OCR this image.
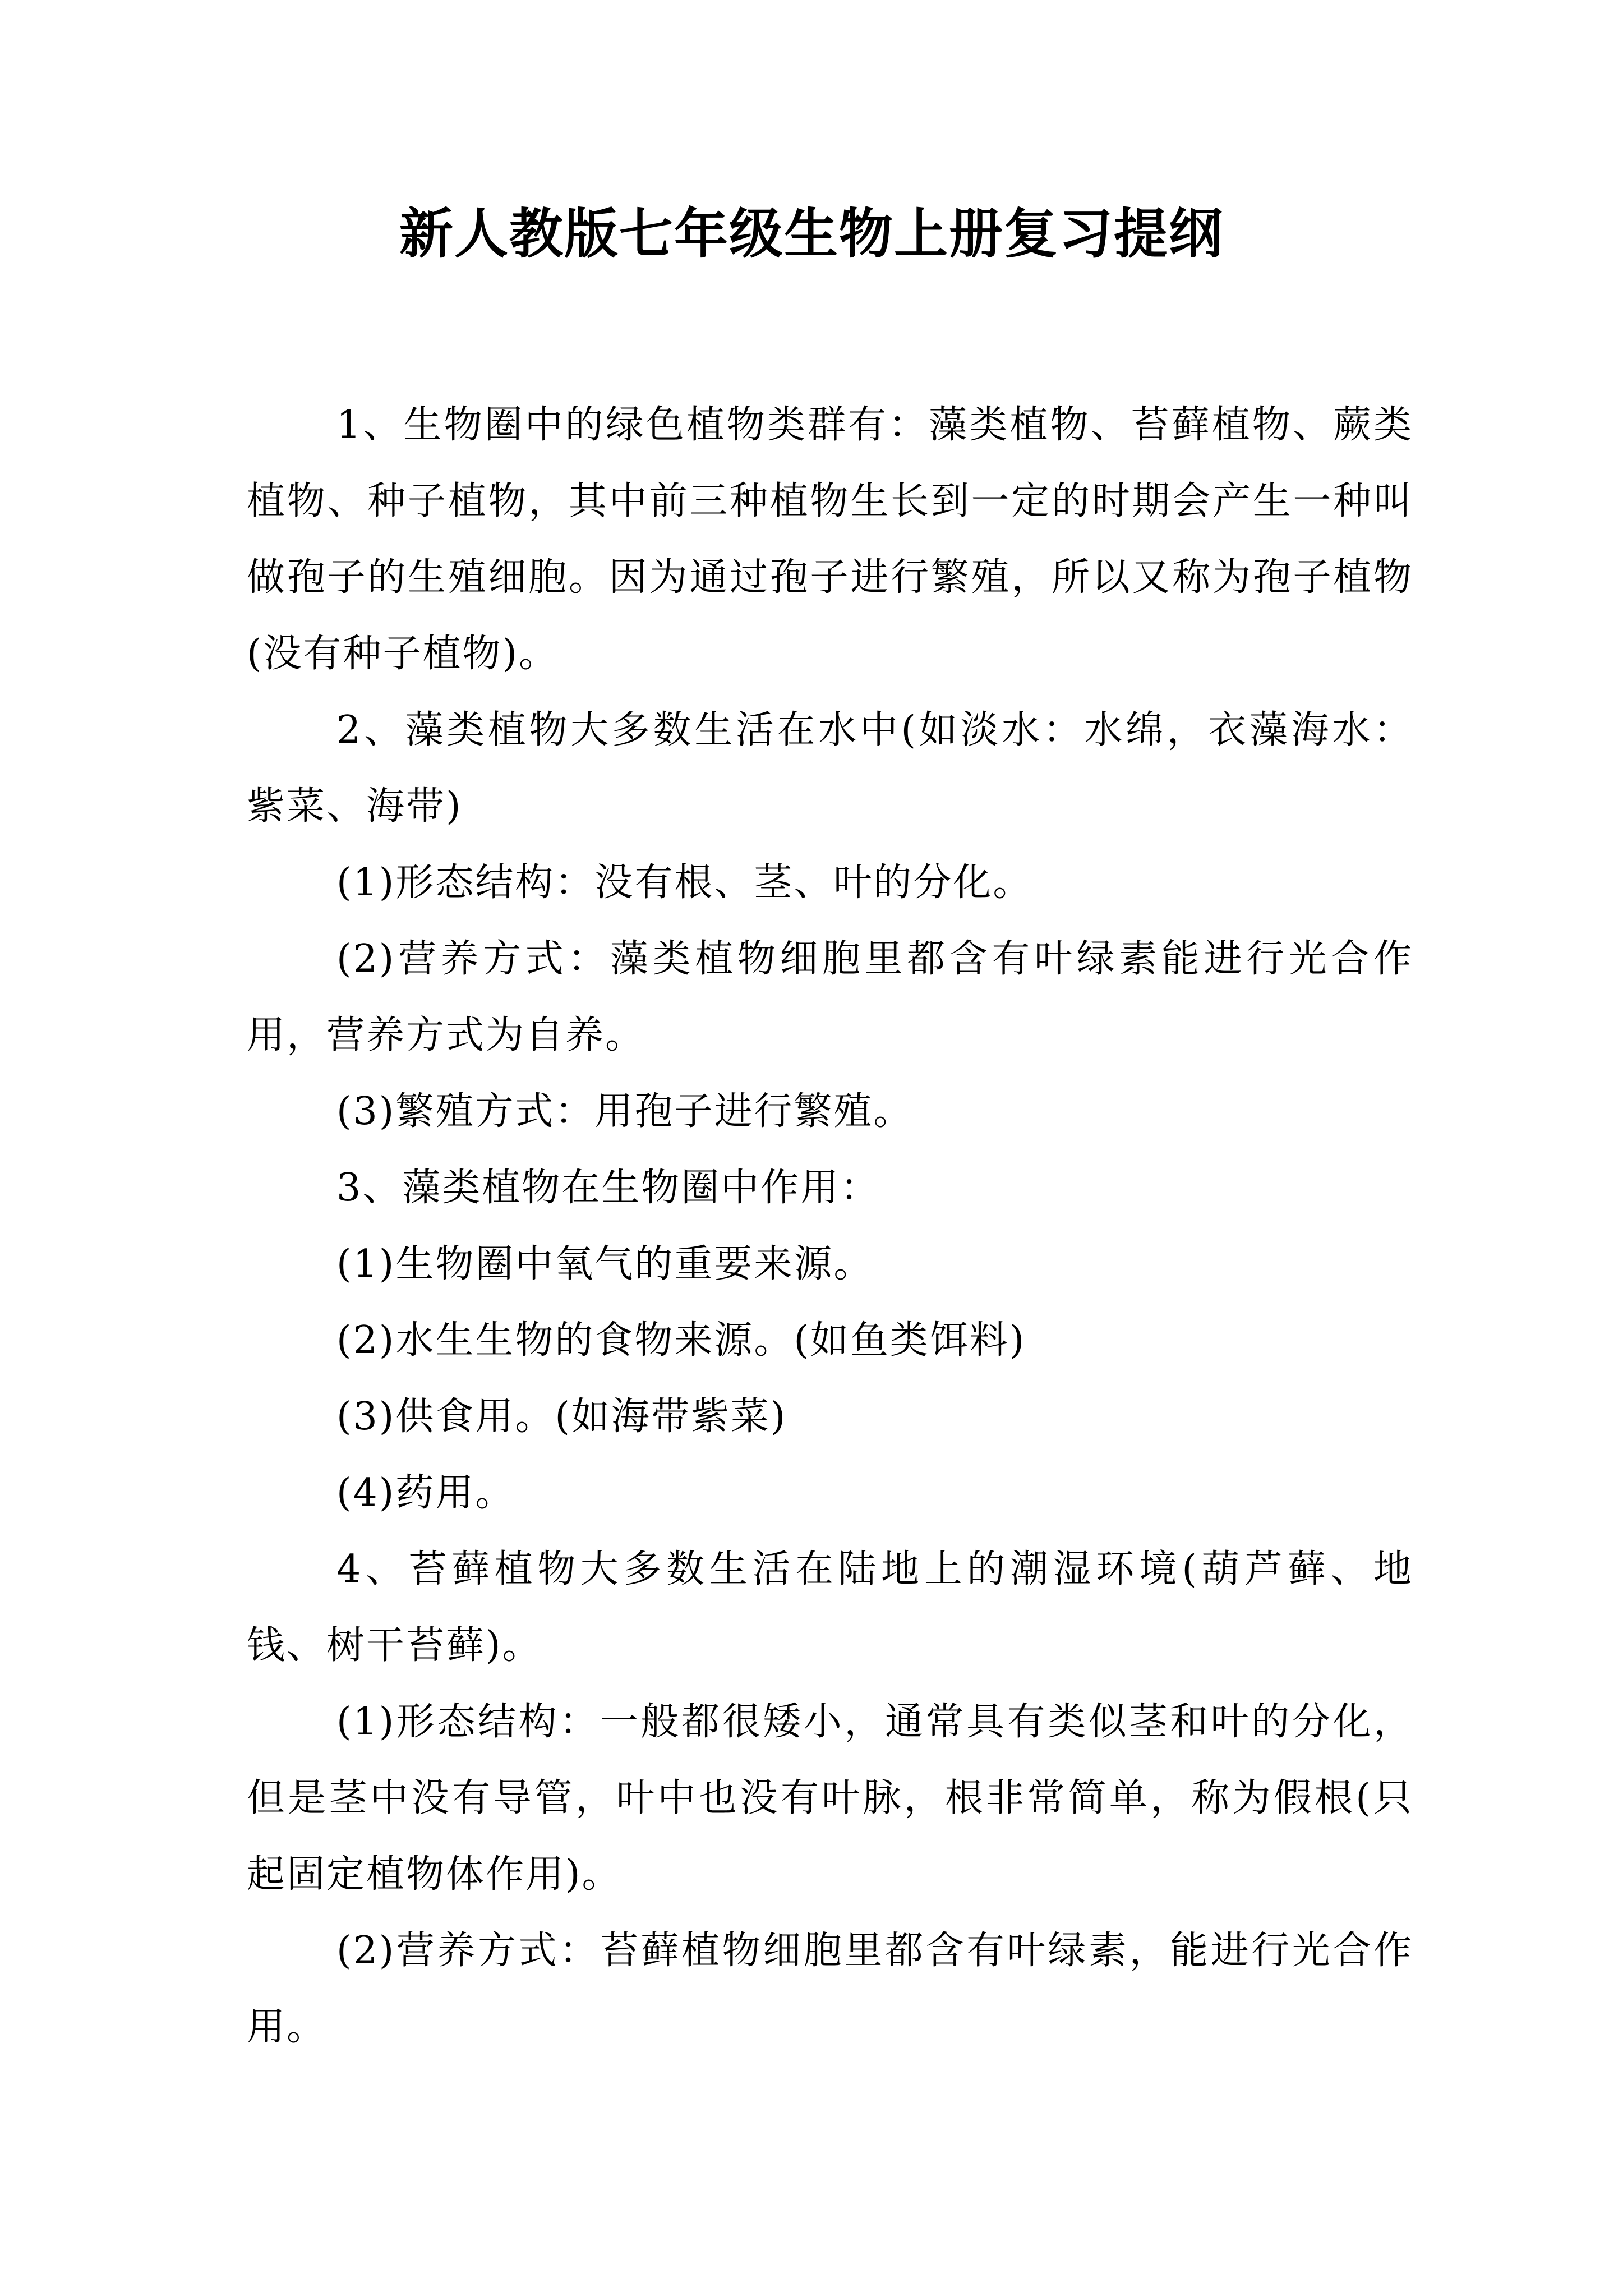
新人教版七年级生物上册复习提纲

1、生物圈中的绿色植物类群有：藻类植物、苔藓植物、蕨类植物、种子植物，其中前三种植物生长到一定的时期会产生一种叫做孢子的生殖细胞。因为通过孢子进行繁殖，所以又称为孢子植物(没有种子植物)。

2、藻类植物大多数生活在水中(如淡水：水绵，衣藻海水：紫菜、海带)

(1)形态结构：没有根、茎、叶的分化。

(2)营养方式：藻类植物细胞里都含有叶绿素能进行光合作用，营养方式为自养。

(3)繁殖方式：用孢子进行繁殖。

3、藻类植物在生物圈中作用：

(1)生物圈中氧气的重要来源。

(2)水生生物的食物来源。(如鱼类饵料)

(3)供食用。(如海带紫菜)

(4)药用。

4、苔藓植物大多数生活在陆地上的潮湿环境(葫芦藓、地钱、树干苔藓)。

(1)形态结构：一般都很矮小，通常具有类似茎和叶的分化，但是茎中没有导管，叶中也没有叶脉，根非常简单，称为假根(只起固定植物体作用)。

(2)营养方式：苔藓植物细胞里都含有叶绿素，能进行光合作用。
